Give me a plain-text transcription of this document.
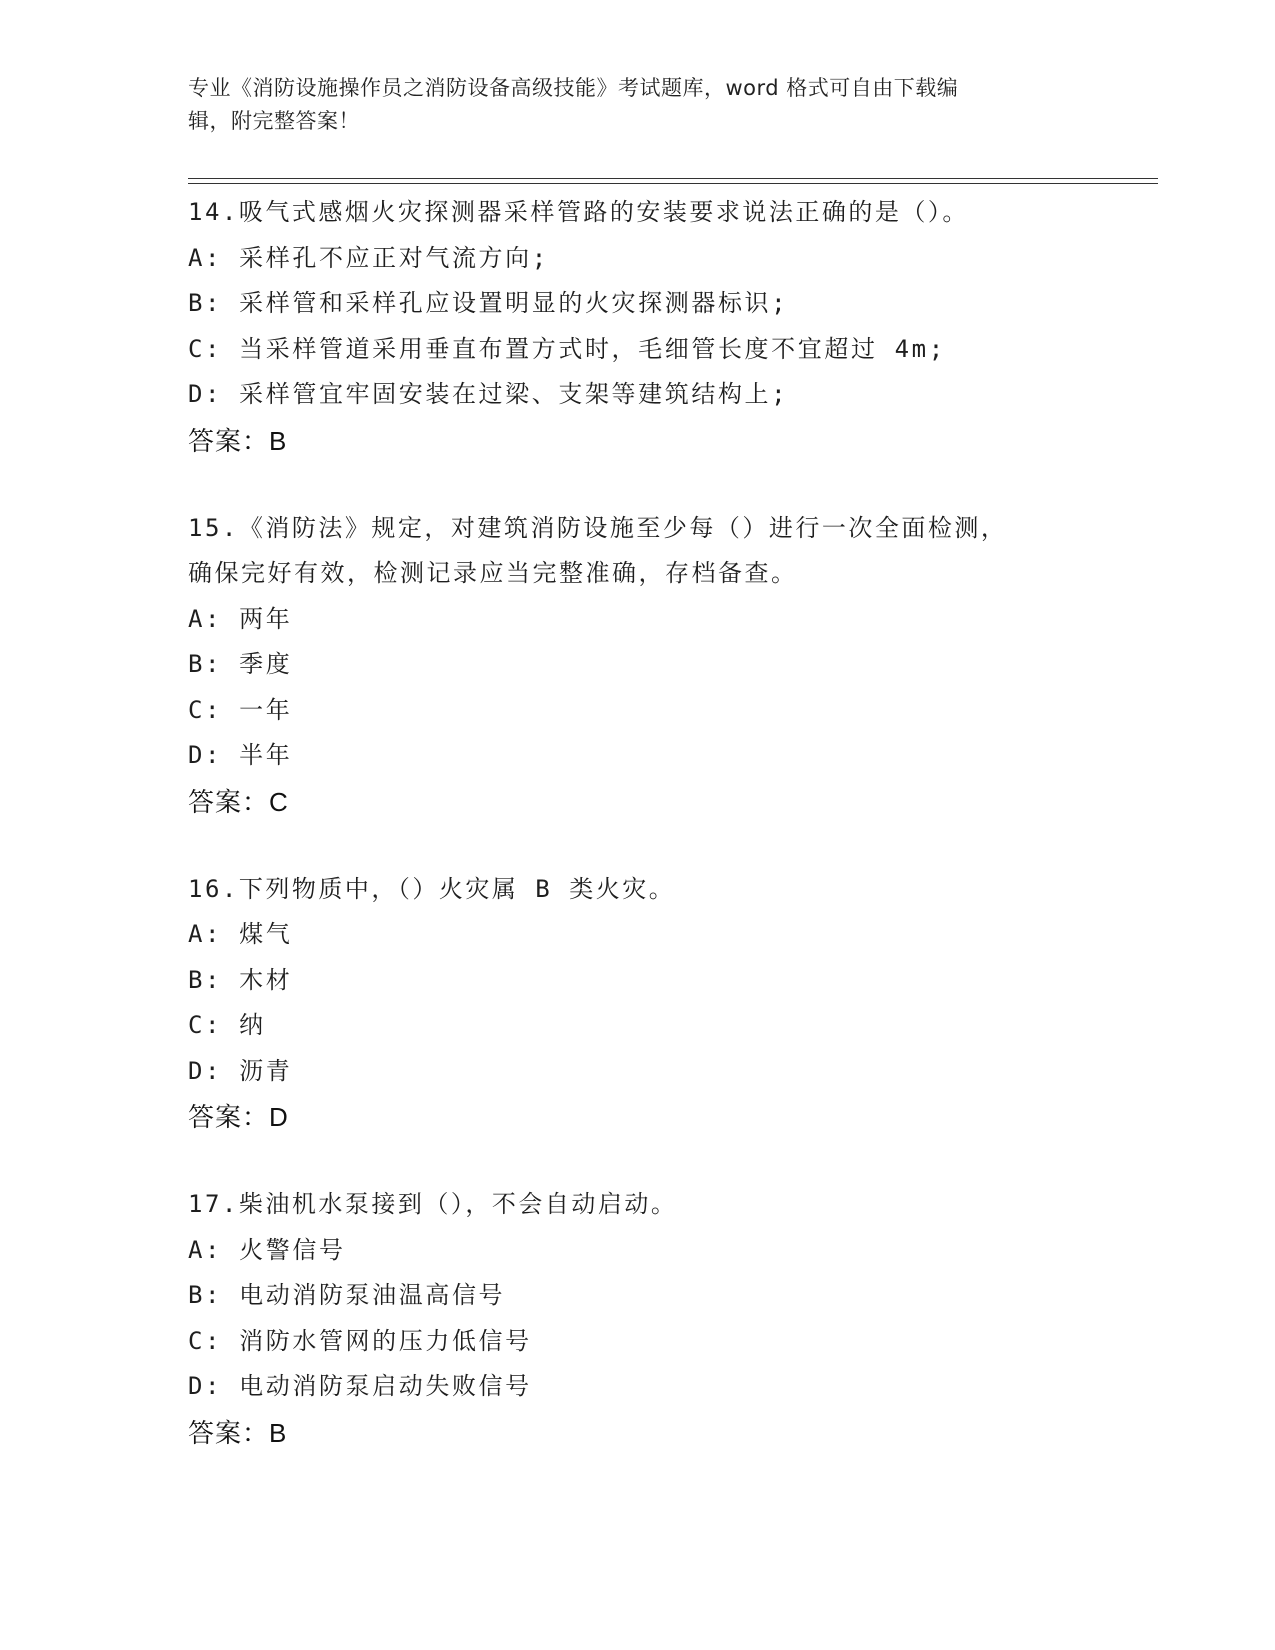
专业《消防设施操作员之消防设备高级技能》考试题库，word 格式可自由下载编
辑，附完整答案！
14.吸气式感烟火灾探测器采样管路的安装要求说法正确的是（）。
A: 采样孔不应正对气流方向;
B: 采样管和采样孔应设置明显的火灾探测器标识;
C: 当采样管道采用垂直布置方式时，毛细管长度不宜超过 4m;
D: 采样管宜牢固安装在过梁、支架等建筑结构上;
答案：B
15.《消防法》规定，对建筑消防设施至少每（）进行一次全面检测，
确保完好有效，检测记录应当完整准确，存档备查。
A: 两年
B: 季度
C: 一年
D: 半年
答案：C
16.下列物质中，（）火灾属 B 类火灾。
A: 煤气
B: 木材
C: 纳
D: 沥青
答案：D
17.柴油机水泵接到（），不会自动启动。
A: 火警信号
B: 电动消防泵油温高信号
C: 消防水管网的压力低信号
D: 电动消防泵启动失败信号
答案：B
